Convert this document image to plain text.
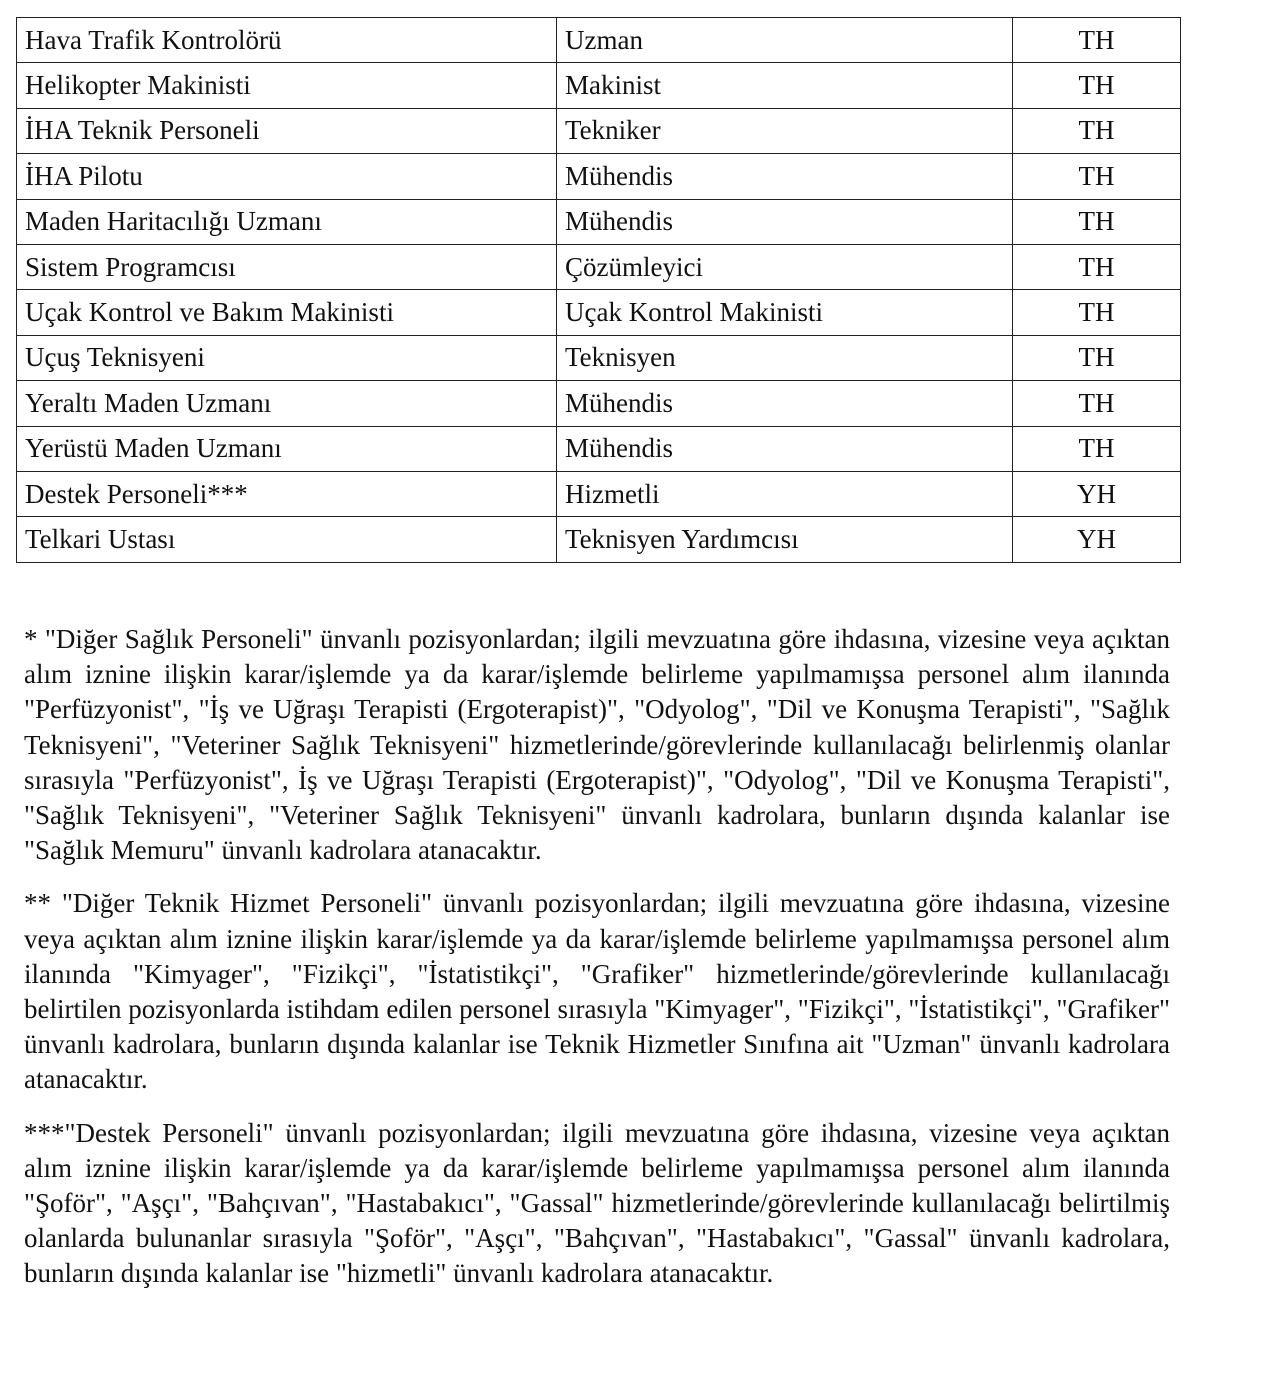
Hava Trafik Kontrolörü	Uzman	TH
Helikopter Makinisti	Makinist	TH
İHA Teknik Personeli	Tekniker	TH
İHA Pilotu	Mühendis	TH
Maden Haritacılığı Uzmanı	Mühendis	TH
Sistem Programcısı	Çözümleyici	TH
Uçak Kontrol ve Bakım Makinisti	Uçak Kontrol Makinisti	TH
Uçuş Teknisyeni	Teknisyen	TH
Yeraltı Maden Uzmanı	Mühendis	TH
Yerüstü Maden Uzmanı	Mühendis	TH
Destek Personeli***	Hizmetli	YH
Telkari Ustası	Teknisyen Yardımcısı	YH

* "Diğer Sağlık Personeli" ünvanlı pozisyonlardan; ilgili mevzuatına göre ihdasına, vizesine veya açıktan alım iznine ilişkin karar/işlemde ya da karar/işlemde belirleme yapılmamışsa personel alım ilanında "Perfüzyonist", "İş ve Uğraşı Terapisti (Ergoterapist)", "Odyolog", "Dil ve Konuşma Terapisti", "Sağlık Teknisyeni", "Veteriner Sağlık Teknisyeni" hizmetlerinde/görevlerinde kullanılacağı belirlenmiş olanlar sırasıyla "Perfüzyonist", İş ve Uğraşı Terapisti (Ergoterapist)", "Odyolog", "Dil ve Konuşma Terapisti", "Sağlık Teknisyeni", "Veteriner Sağlık Teknisyeni" ünvanlı kadrolara, bunların dışında kalanlar ise "Sağlık Memuru" ünvanlı kadrolara atanacaktır.

** "Diğer Teknik Hizmet Personeli" ünvanlı pozisyonlardan; ilgili mevzuatına göre ihdasına, vizesine veya açıktan alım iznine ilişkin karar/işlemde ya da karar/işlemde belirleme yapılmamışsa personel alım ilanında "Kimyager", "Fizikçi", "İstatistikçi", "Grafiker" hizmetlerinde/görevlerinde kullanılacağı belirtilen pozisyonlarda istihdam edilen personel sırasıyla "Kimyager", "Fizikçi", "İstatistikçi", "Grafiker" ünvanlı kadrolara, bunların dışında kalanlar ise Teknik Hizmetler Sınıfına ait "Uzman" ünvanlı kadrolara atanacaktır.

***"Destek Personeli" ünvanlı pozisyonlardan; ilgili mevzuatına göre ihdasına, vizesine veya açıktan alım iznine ilişkin karar/işlemde ya da karar/işlemde belirleme yapılmamışsa personel alım ilanında "Şoför", "Aşçı", "Bahçıvan", "Hastabakıcı", "Gassal" hizmetlerinde/görevlerinde kullanılacağı belirtilmiş olanlarda bulunanlar sırasıyla "Şoför", "Aşçı", "Bahçıvan", "Hastabakıcı", "Gassal" ünvanlı kadrolara, bunların dışında kalanlar ise "hizmetli" ünvanlı kadrolara atanacaktır.
